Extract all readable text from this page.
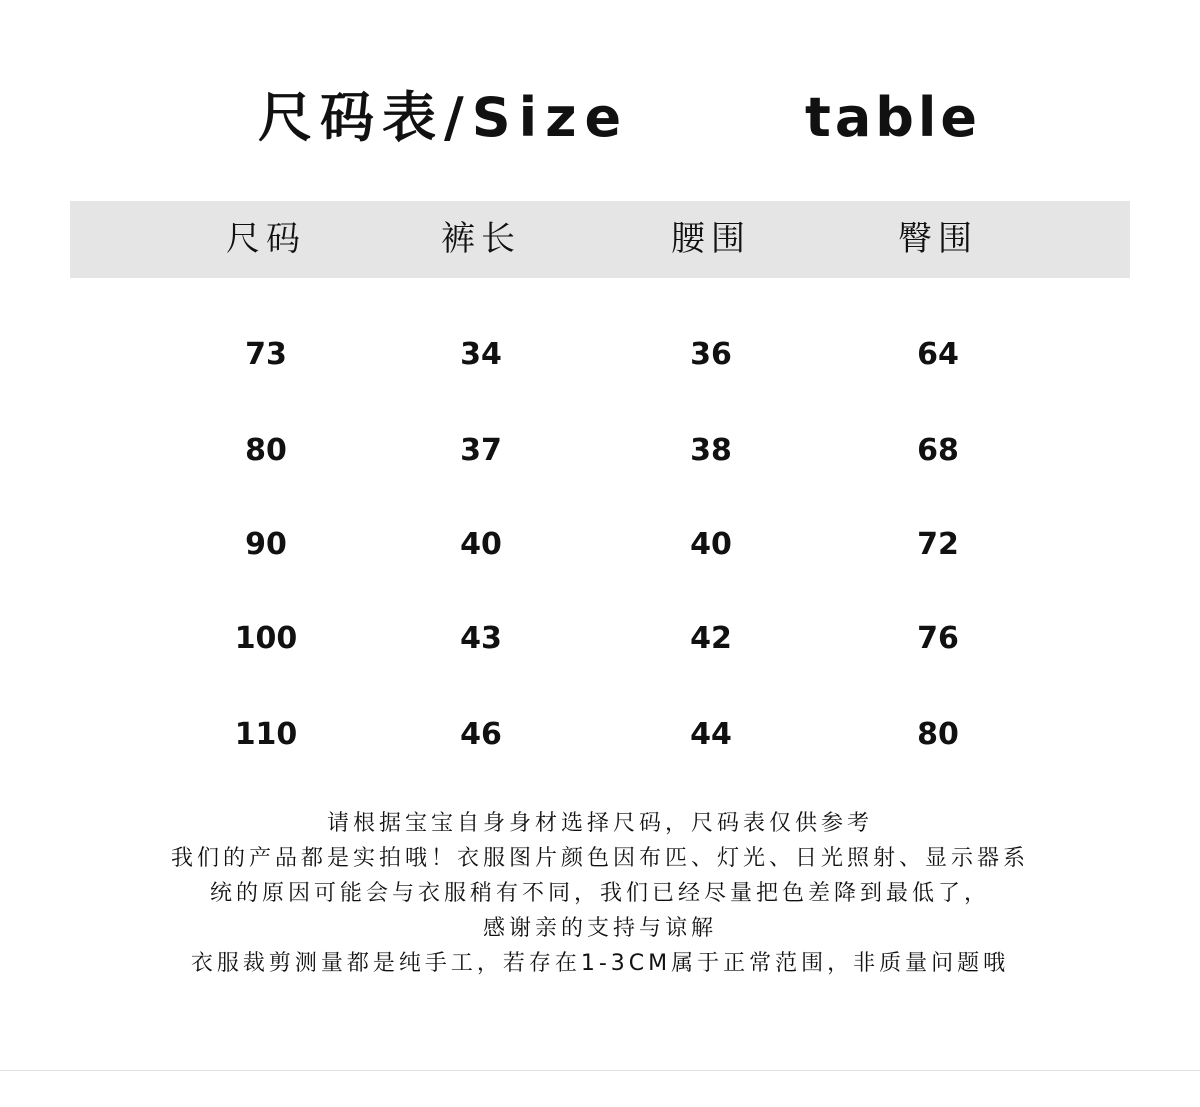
尺码表/Size	table
尺码	裤长	腰围	臀围
73	34	36	64
80	37	38	68
90	40	40	72
100	43	42	76
110	46	44	80
请根据宝宝自身身材选择尺码，尺码表仅供参考
我们的产品都是实拍哦！衣服图片颜色因布匹、灯光、日光照射、显示器系
统的原因可能会与衣服稍有不同，我们已经尽量把色差降到最低了，
感谢亲的支持与谅解
衣服裁剪测量都是纯手工，若存在1-3CM属于正常范围，非质量问题哦
